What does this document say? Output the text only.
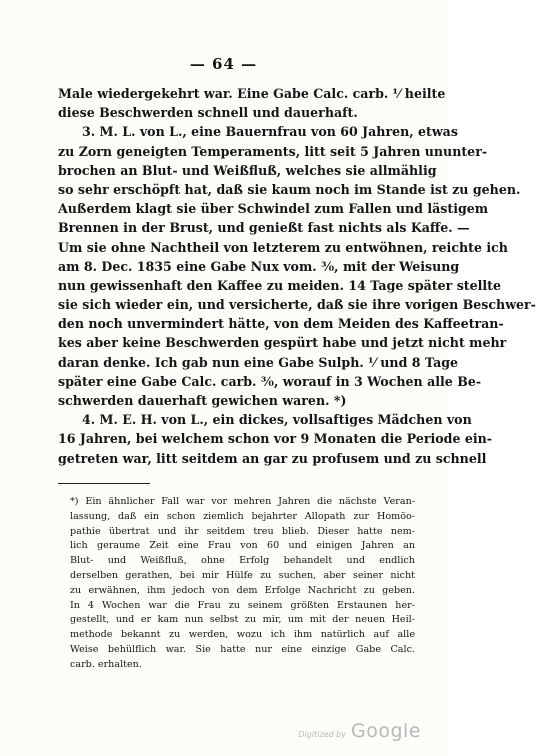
— 64 —
Male wiedergekehrt war. Eine Gabe Calc. carb. ⅟ heilte
diese Beschwerden schnell und dauerhaft.
3. M. L. von L., eine Bauernfrau von 60 Jahren, etwas
zu Zorn geneigten Temperaments, litt seit 5 Jahren ununter-
brochen an Blut- und Weißfluß, welches sie allmählig
so sehr erschöpft hat, daß sie kaum noch im Stande ist zu gehen.
Außerdem klagt sie über Schwindel zum Fallen und lästigem
Brennen in der Brust, und genießt fast nichts als Kaffe. —
Um sie ohne Nachtheil von letzterem zu entwöhnen, reichte ich
am 8. Dec. 1835 eine Gabe Nux vom. ³⁄₀, mit der Weisung
nun gewissenhaft den Kaffee zu meiden. 14 Tage später stellte
sie sich wieder ein, und versicherte, daß sie ihre vorigen Beschwer-
den noch unvermindert hätte, von dem Meiden des Kaffeetran-
kes aber keine Beschwerden gespürt habe und jetzt nicht mehr
daran denke. Ich gab nun eine Gabe Sulph. ⅟ und 8 Tage
später eine Gabe Calc. carb. ³⁄₀, worauf in 3 Wochen alle Be-
schwerden dauerhaft gewichen waren. *)
4. M. E. H. von L., ein dickes, vollsaftiges Mädchen von
16 Jahren, bei welchem schon vor 9 Monaten die Periode ein-
getreten war, litt seitdem an gar zu profusem und zu schnell
*) Ein ähnlicher Fall war vor mehren Jahren die nächste Veran-
lassung, daß ein schon ziemlich bejahrter Allopath zur Homöo-
pathie übertrat und ihr seitdem treu blieb. Dieser hatte nem-
lich geraume Zeit eine Frau von 60 und einigen Jahren an
Blut- und Weißfluß, ohne Erfolg behandelt und endlich
derselben gerathen, bei mir Hülfe zu suchen, aber seiner nicht
zu erwähnen, ihm jedoch von dem Erfolge Nachricht zu geben.
In 4 Wochen war die Frau zu seinem größten Erstaunen her-
gestellt, und er kam nun selbst zu mir, um mit der neuen Heil-
methode bekannt zu werden, wozu ich ihm natürlich auf alle
Weise behülflich war. Sie hatte nur eine einzige Gabe Calc.
carb. erhalten.
Digitized by Google
